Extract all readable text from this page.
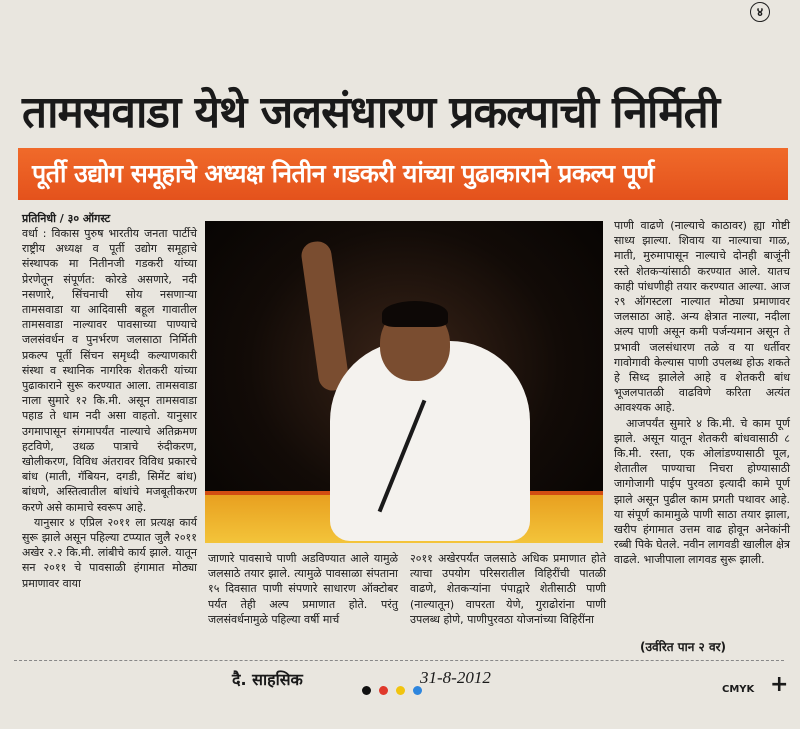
४
तामसवाडा येथे जलसंधारण प्रकल्पाची निर्मिती
पूर्ती उद्योग समूहाचे अध्यक्ष नितीन गडकरी यांच्या पुढाकाराने प्रकल्प पूर्ण
प्रतिनिधी / ३० ऑगस्ट

वर्धा : विकास पुरुष भारतीय जनता पार्टीचे राष्ट्रीय अध्यक्ष व पूर्ती उद्योग समूहाचे संस्थापक मा नितीनजी गडकरी यांच्या प्रेरणेतून संपूर्णत: कोरडे असणारे, नदी नसणारे, सिंचनाची सोय नसणाऱ्या तामसवाडा या आदिवासी बहूल गावातील तामसवाडा नाल्यावर पावसाच्या पाण्याचे जलसंवर्धन व पुनर्भरण जलसाठा निर्मिती प्रकल्प पूर्ती सिंचन समृध्दी कल्याणकारी संस्था व स्थानिक नागरिक शेतकरी यांच्या पुढाकाराने सुरू करण्यात आला. तामसवाडा नाला सुमारे १२ कि.मी. असून तामसवाडा पहाड ते धाम नदी असा वाहतो. यानुसार उगमापासून संगमापर्यंत नाल्याचे अतिक्रमण हटविणे, उथळ पात्राचे रुंदीकरण, खोलीकरण, विविध अंतरावर विविध प्रकारचे बांध (माती, गॅबियन, दगडी, सिमेंट बांध) बांधणे, अस्तित्वातील बांधांचे मजबूतीकरण करणे असे कामाचे स्वरूप आहे.

यानुसार ४ एप्रिल २०११ ला प्रत्यक्ष कार्य सुरू झाले असून पहिल्या टप्प्यात जुलै २०११ अखेर २.२ कि.मी. लांबीचे कार्य झाले. यातून सन २०११ चे पावसाळी हंगामात मोठ्या प्रमाणावर वाया

जाणारे पावसाचे पाणी अडविण्यात आले यामुळे जलसाठे तयार झाले. त्यामुळे पावसाळा संपताना १५ दिवसात पाणी संपणारे साधारण ऑक्टोबर पर्यंत तेही अल्प प्रमाणात होते. परंतु जलसंवर्धनामुळे पहिल्या वर्षी मार्च

२०११ अखेरपर्यंत जलसाठे अधिक प्रमाणात होते त्याचा उपयोग परिसरातील विहिरींची पातळी वाढणे, शेतकऱ्यांना पंपाद्वारे शेतीसाठी पाणी (नाल्यातून) वापरता येणे, गुराढोरांना पाणी उपलब्ध होणे, पाणीपुरवठा योजनांच्या विहिरींना

पाणी वाढणे (नाल्याचे काठावर) ह्या गोष्टी साध्य झाल्या. शिवाय या नाल्याचा गाळ, माती, मुरुमापासून नाल्याचे दोनही बाजूंनी रस्ते शेतकऱ्यांसाठी करण्यात आले. यातच काही पांधणीही तयार करण्यात आल्या. आज २९ ऑगस्टला नाल्यात मोठ्या प्रमाणावर जलसाठा आहे. अन्य क्षेत्रात नाल्या, नदीला अल्प पाणी असून कमी पर्जन्यमान असून ते प्रभावी जलसंधारण तळे व या धर्तीवर गावोगावी केल्यास पाणी उपलब्ध होऊ शकते हे सिध्द झालेले आहे व शेतकरी बांध भूजलपातळी वाढविणे करिता अत्यंत आवश्यक आहे.

आजपर्यंत सुमारे ४ कि.मी. चे काम पूर्ण झाले. असून यातून शेतकरी बांधवासाठी ८ कि.मी. रस्ता, एक ओलांडण्यासाठी पूल, शेतातील पाण्याचा निचरा होण्यासाठी जागोजागी पाईप पुरवठा इत्यादी कामे पूर्ण झाले असून पुढील काम प्रगती पथावर आहे. या संपूर्ण कामामुळे पाणी साठा तयार झाला, खरीप हंगामात उत्तम वाढ होवून अनेकांनी रब्बी पिके घेतले. नवीन लागवडी खालील क्षेत्र वाढले. भाजीपाला लागवड सुरू झाली.

(उर्वरित पान २ वर)
दै. साहसिक
	31-8-2012
CMYK +
